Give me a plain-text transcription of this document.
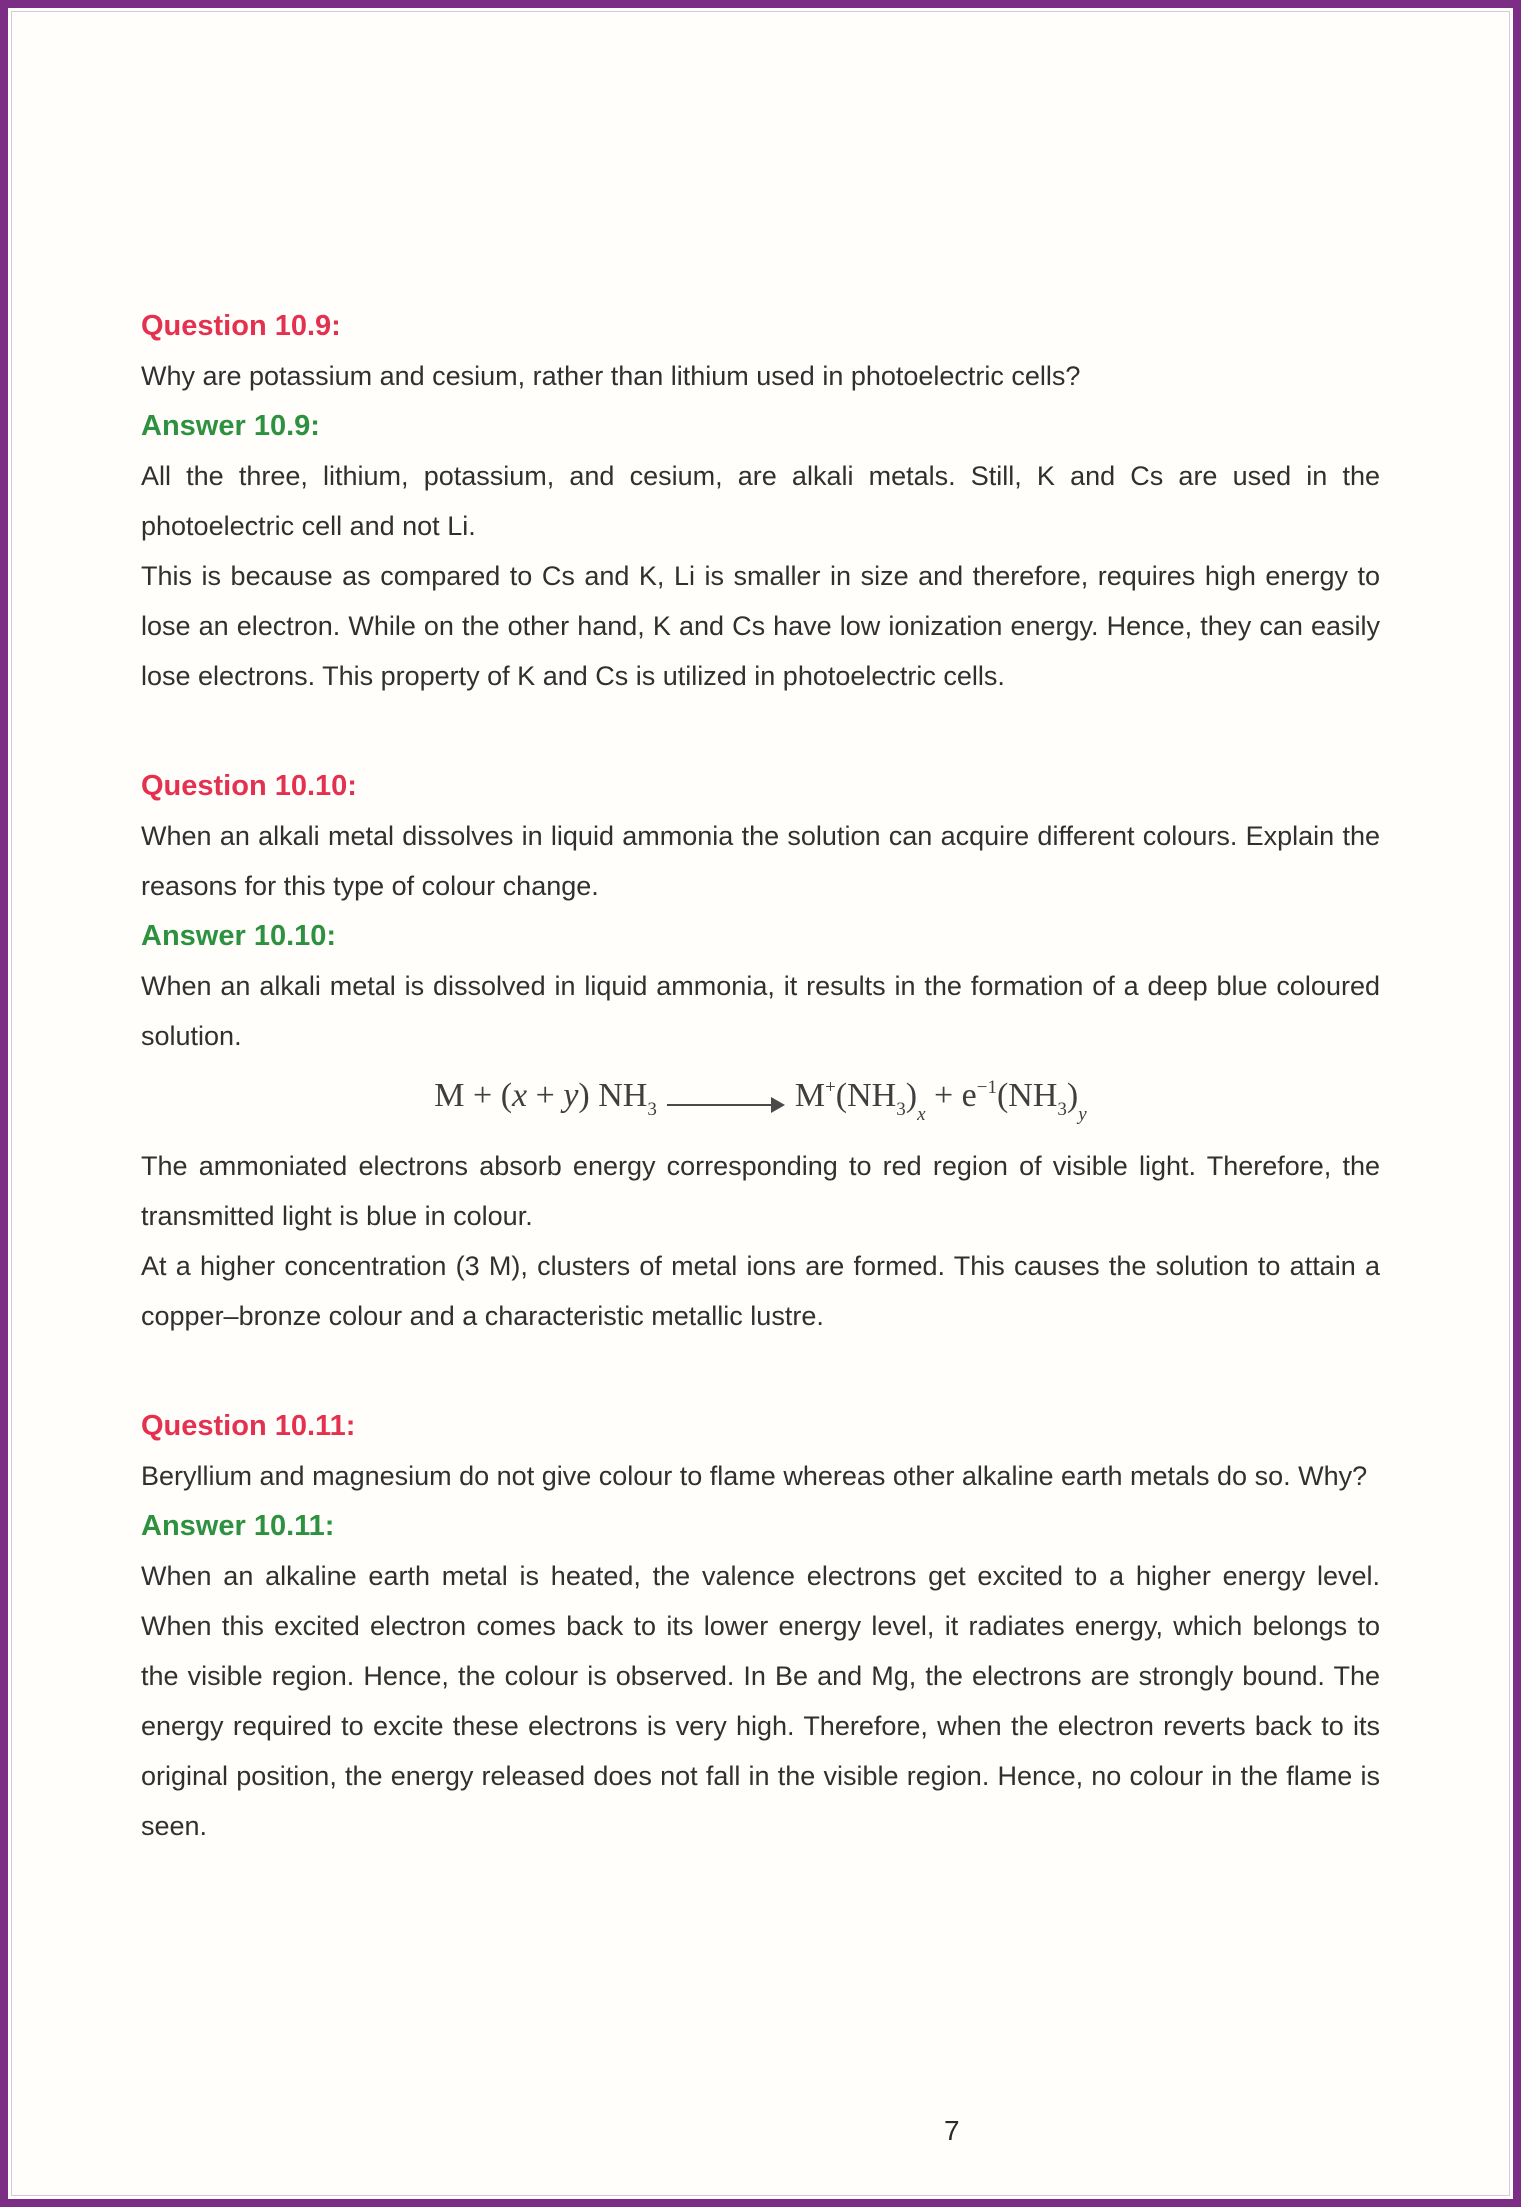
Question 10.9:
Why are potassium and cesium, rather than lithium used in photoelectric cells?
Answer 10.9:
All the three, lithium, potassium, and cesium, are alkali metals. Still, K and Cs are used in the photoelectric cell and not Li.
This is because as compared to Cs and K, Li is smaller in size and therefore, requires high energy to lose an electron. While on the other hand, K and Cs have low ionization energy. Hence, they can easily lose electrons. This property of K and Cs is utilized in photoelectric cells.
Question 10.10:
When an alkali metal dissolves in liquid ammonia the solution can acquire different colours. Explain the reasons for this type of colour change.
Answer 10.10:
When an alkali metal is dissolved in liquid ammonia, it results in the formation of a deep blue coloured solution.
M + (x + y) $NH_3$	$M^+(NH_3)_x + e^{-1}(NH_3)_y$
The ammoniated electrons absorb energy corresponding to red region of visible light. Therefore, the transmitted light is blue in colour.
At a higher concentration (3 M), clusters of metal ions are formed. This causes the solution to attain a copper–bronze colour and a characteristic metallic lustre.
Question 10.11:
Beryllium and magnesium do not give colour to flame whereas other alkaline earth metals do so. Why?
Answer 10.11:
When an alkaline earth metal is heated, the valence electrons get excited to a higher energy level. When this excited electron comes back to its lower energy level, it radiates energy, which belongs to the visible region. Hence, the colour is observed. In Be and Mg, the electrons are strongly bound. The energy required to excite these electrons is very high. Therefore, when the electron reverts back to its original position, the energy released does not fall in the visible region. Hence, no colour in the flame is seen.
7
